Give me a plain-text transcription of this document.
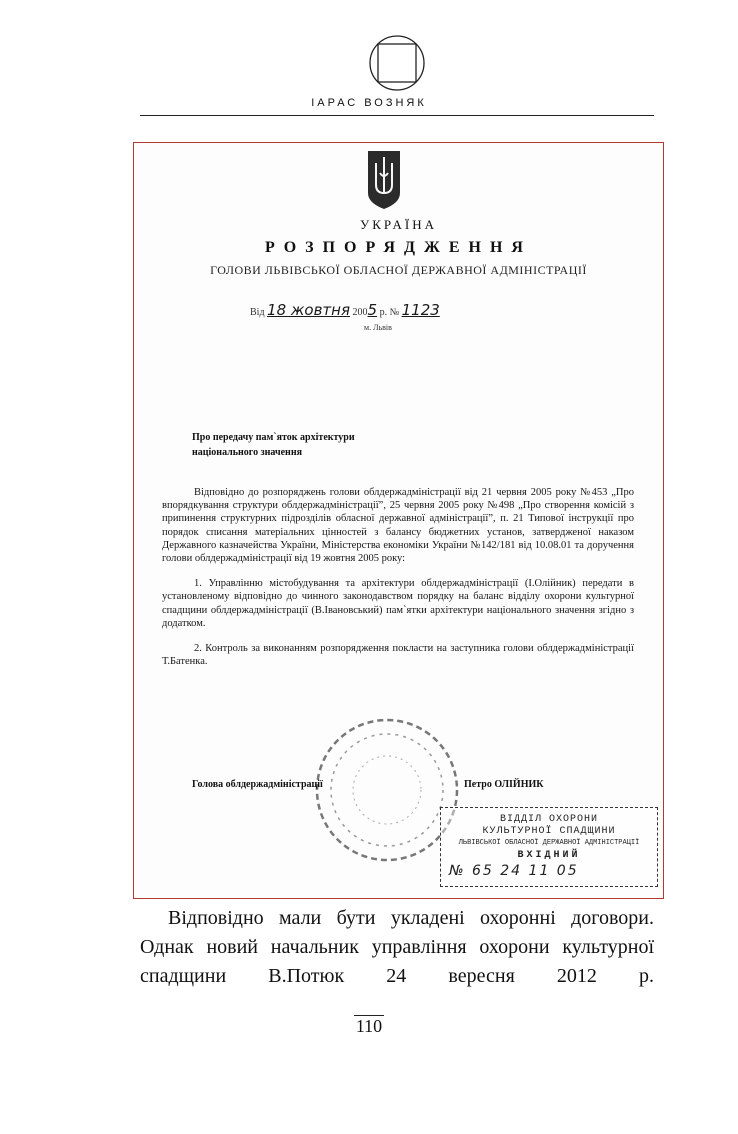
ІАРАС ВОЗНЯК
УКРАЇНА
РОЗПОРЯДЖЕННЯ
ГОЛОВИ ЛЬВІВСЬКОЇ ОБЛАСНОЇ ДЕРЖАВНОЇ АДМІНІСТРАЦІЇ
Від 18 жовтня 2005 р. № 1123
м. Львів
Про передачу пам`яток архітектури
національного значення

Відповідно до розпоряджень голови облдержадміністрації від 21 червня 2005 року №453 „Про впорядкування структури облдержадміністрації”, 25 червня 2005 року №498 „Про створення комісій з припинення структурних підрозділів обласної державної адміністрації”, п. 21 Типової інструкції про порядок списання матеріальних цінностей з балансу бюджетних установ, затвердженої наказом Державного казначейства України, Міністерства економіки України №142/181 від 10.08.01 та доручення голови облдержадміністрації від 19 жовтня 2005 року:

1. Управлінню містобудування та архітектури облдержадміністрації (І.Олійник) передати в установленому відповідно до чинного законодавством порядку на баланс відділу охорони культурної спадщини облдержадміністрації (В.Івановський) пам`ятки архітектури національного значення згідно з додатком.

2. Контроль за виконанням розпорядження покласти на заступника голови облдержадміністрації Т.Батенка.

Голова облдержадміністрації	Петро ОЛІЙНИК
ВІДДІЛ ОХОРОНИ
КУЛЬТУРНОЇ СПАДЩИНИ
ЛЬВІВСЬКОЇ ОБЛАСНОЇ ДЕРЖАВНОЇ АДМІНІСТРАЦІЇ
ВХІДНИЙ
№ 65 24 11 05
Відповідно мали бути укладені охоронні договори. Однак новий начальник управління охорони культурної спадщини В.Потюк 24 вересня 2012 р.
110
